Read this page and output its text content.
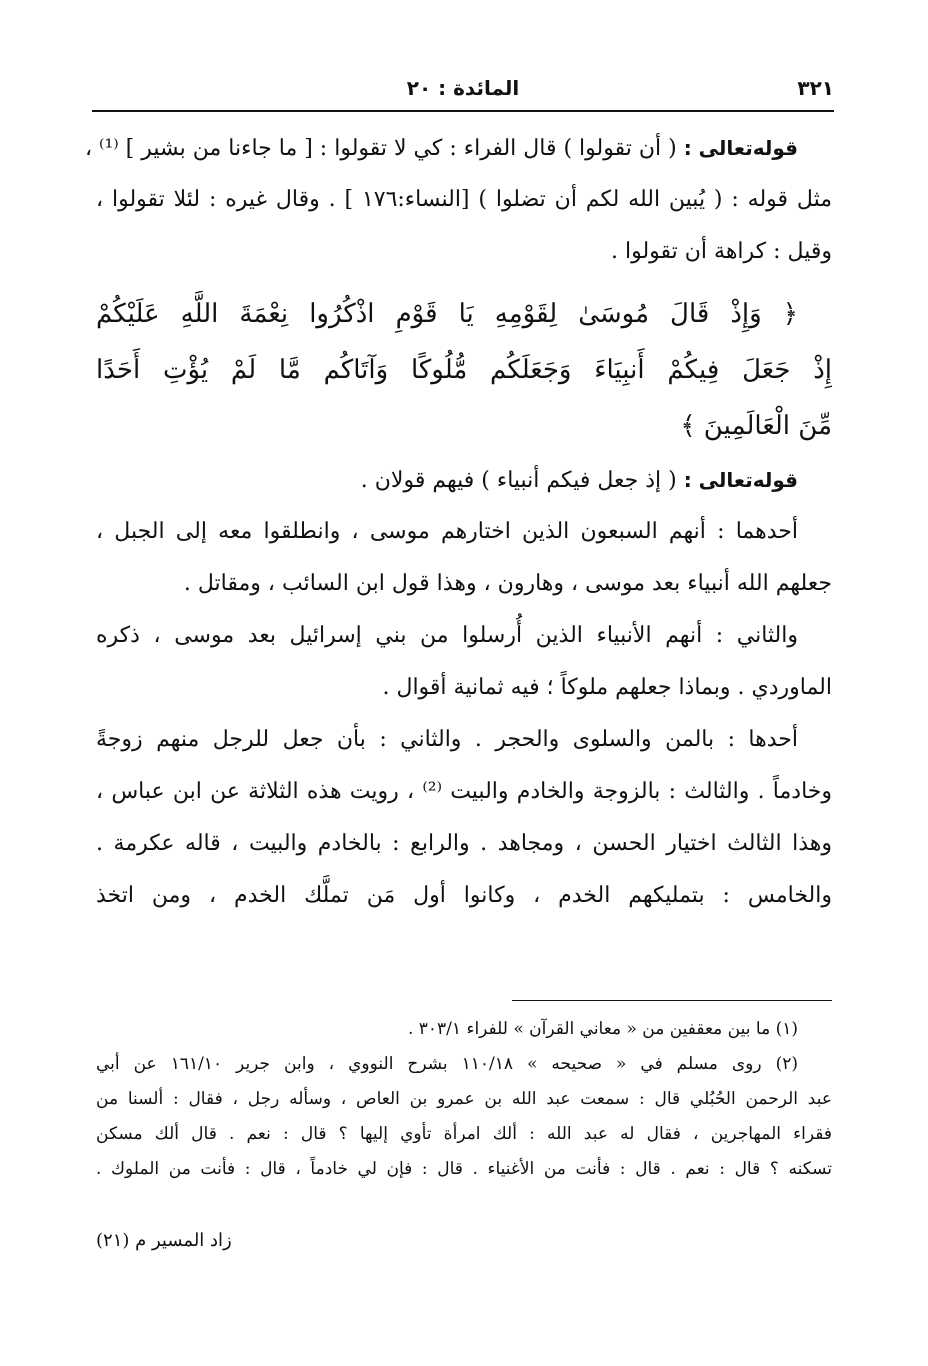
٣٢١
المائدة : ٢٠
قوله‌تعالى : ( أن تقولوا ) قال الفراء : كي لا تقولوا : [ ما جاءنا من بشير ] ⁽¹⁾ ،
مثل قوله : ( يُبين الله لكم أن تضلوا ) [النساء:١٧٦ ] . وقال غيره : لئلا تقولوا ،
وقيل : كراهة أن تقولوا .
﴿ وَإِذْ قَالَ مُوسَىٰ لِقَوْمِهِ يَا قَوْمِ اذْكُرُوا نِعْمَةَ اللَّهِ عَلَيْكُمْ
إِذْ جَعَلَ فِيكُمْ أَنبِيَاءَ وَجَعَلَكُم مُّلُوكًا وَآتَاكُم مَّا لَمْ يُؤْتِ أَحَدًا
مِّنَ الْعَالَمِينَ ﴾
قوله‌تعالى : ( إذ جعل فيكم أنبياء ) فيهم قولان .
أحدهما : أنهم السبعون الذين اختارهم موسى ، وانطلقوا معه إلى الجبل ،
جعلهم الله أنبياء بعد موسى ، وهارون ، وهذا قول ابن السائب ، ومقاتل .
والثاني : أنهم الأنبياء الذين أُرسلوا من بني إسرائيل بعد موسى ، ذكره
الماوردي . وبماذا جعلهم ملوكاً ؛ فيه ثمانية أقوال .
أحدها : بالمن والسلوى والحجر . والثاني : بأن جعل للرجل منهم زوجةً
وخادماً . والثالث : بالزوجة والخادم والبيت ⁽²⁾ ، رويت هذه الثلاثة عن ابن عباس ،
وهذا الثالث اختيار الحسن ، ومجاهد . والرابع : بالخادم والبيت ، قاله عكرمة .
والخامس : بتمليكهم الخدم ، وكانوا أول مَن تملَّك الخدم ، ومن اتخذ
(١) ما بين معقفين من « معاني القرآن » للفراء ٣٠٣/١ .
(٢) روى مسلم في « صحيحه » ١١٠/١٨ بشرح النووي ، وابن جرير ١٦١/١٠ عن أبي
عبد الرحمن الحُبُلي قال : سمعت عبد الله بن عمرو بن العاص ، وسأله رجل ، فقال : ألسنا من
فقراء المهاجرين ، فقال له عبد الله : ألك امرأة تأوي إليها ؟ قال : نعم . قال ألك مسكن
تسكنه ؟ قال : نعم . قال : فأنت من الأغنياء . قال : فإن لي خادماً ، قال : فأنت من الملوك .
زاد المسير م (٢١)
